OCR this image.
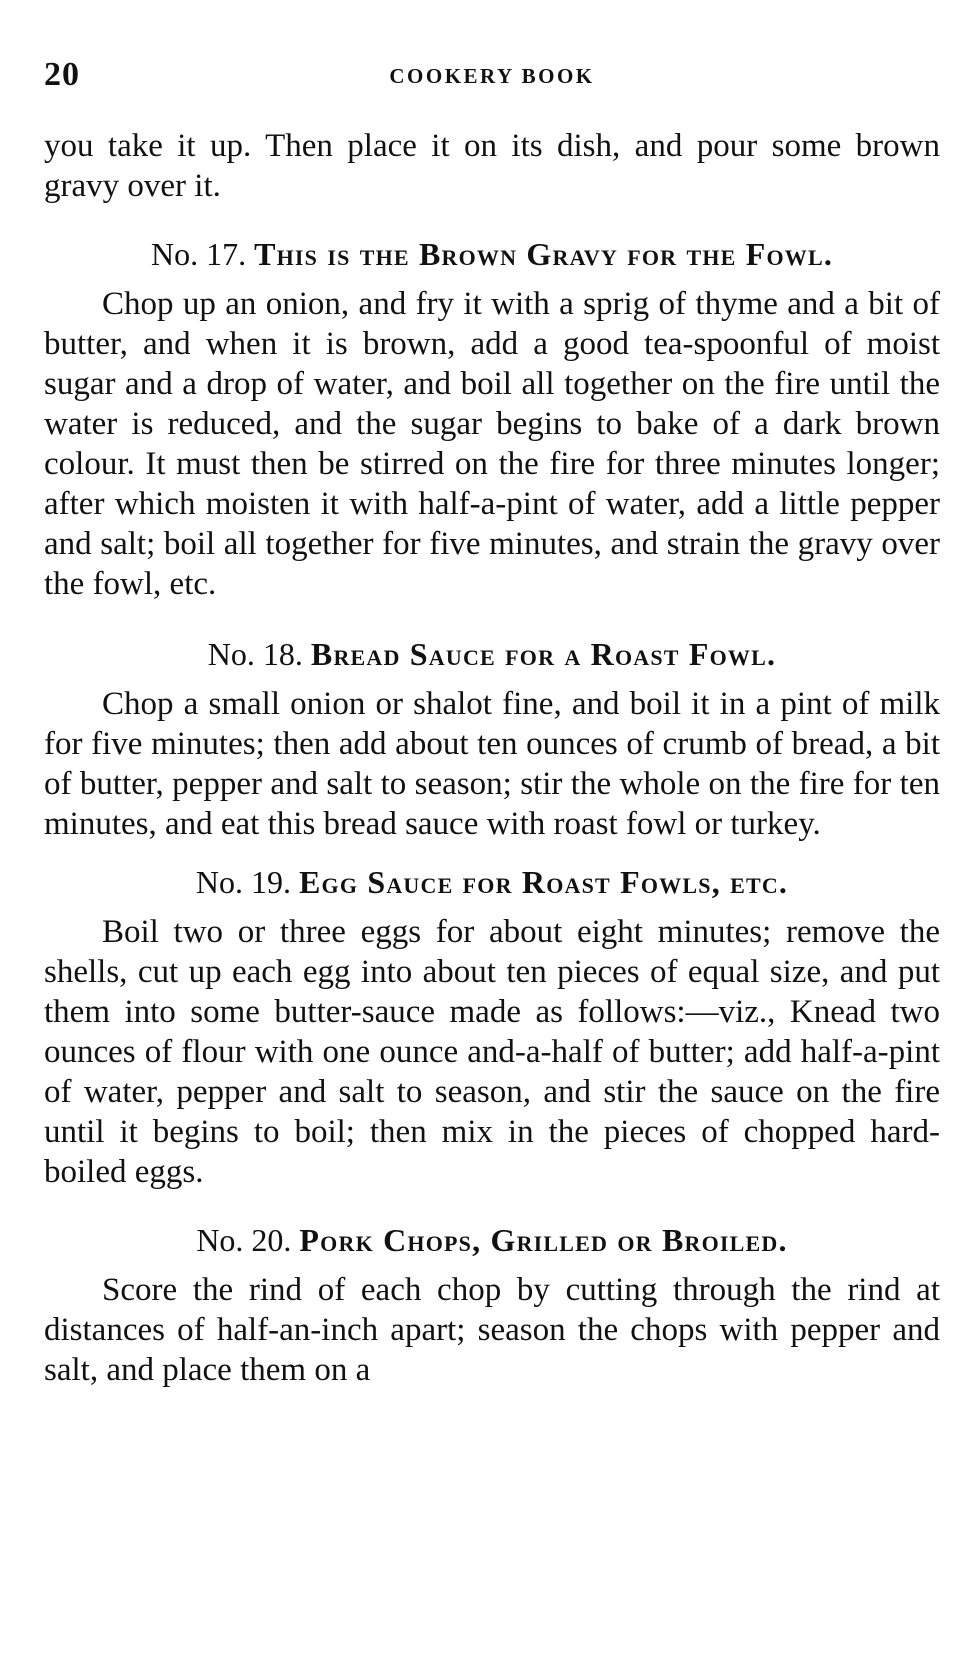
20	COOKERY BOOK

you take it up. Then place it on its dish, and pour some brown gravy over it.

No. 17. This is the Brown Gravy for the Fowl.

Chop up an onion, and fry it with a sprig of thyme and a bit of butter, and when it is brown, add a good tea-spoonful of moist sugar and a drop of water, and boil all together on the fire until the water is reduced, and the sugar begins to bake of a dark brown colour. It must then be stirred on the fire for three minutes longer; after which moisten it with half-a-pint of water, add a little pepper and salt; boil all together for five minutes, and strain the gravy over the fowl, etc.

No. 18. Bread Sauce for a Roast Fowl.

Chop a small onion or shalot fine, and boil it in a pint of milk for five minutes; then add about ten ounces of crumb of bread, a bit of butter, pepper and salt to season; stir the whole on the fire for ten minutes, and eat this bread sauce with roast fowl or turkey.

No. 19. Egg Sauce for Roast Fowls, etc.

Boil two or three eggs for about eight minutes; remove the shells, cut up each egg into about ten pieces of equal size, and put them into some butter-sauce made as follows:—viz., Knead two ounces of flour with one ounce and-a-half of butter; add half-a-pint of water, pepper and salt to season, and stir the sauce on the fire until it begins to boil; then mix in the pieces of chopped hard-boiled eggs.

No. 20. Pork Chops, Grilled or Broiled.

Score the rind of each chop by cutting through the rind at distances of half-an-inch apart; season the chops with pepper and salt, and place them on a
